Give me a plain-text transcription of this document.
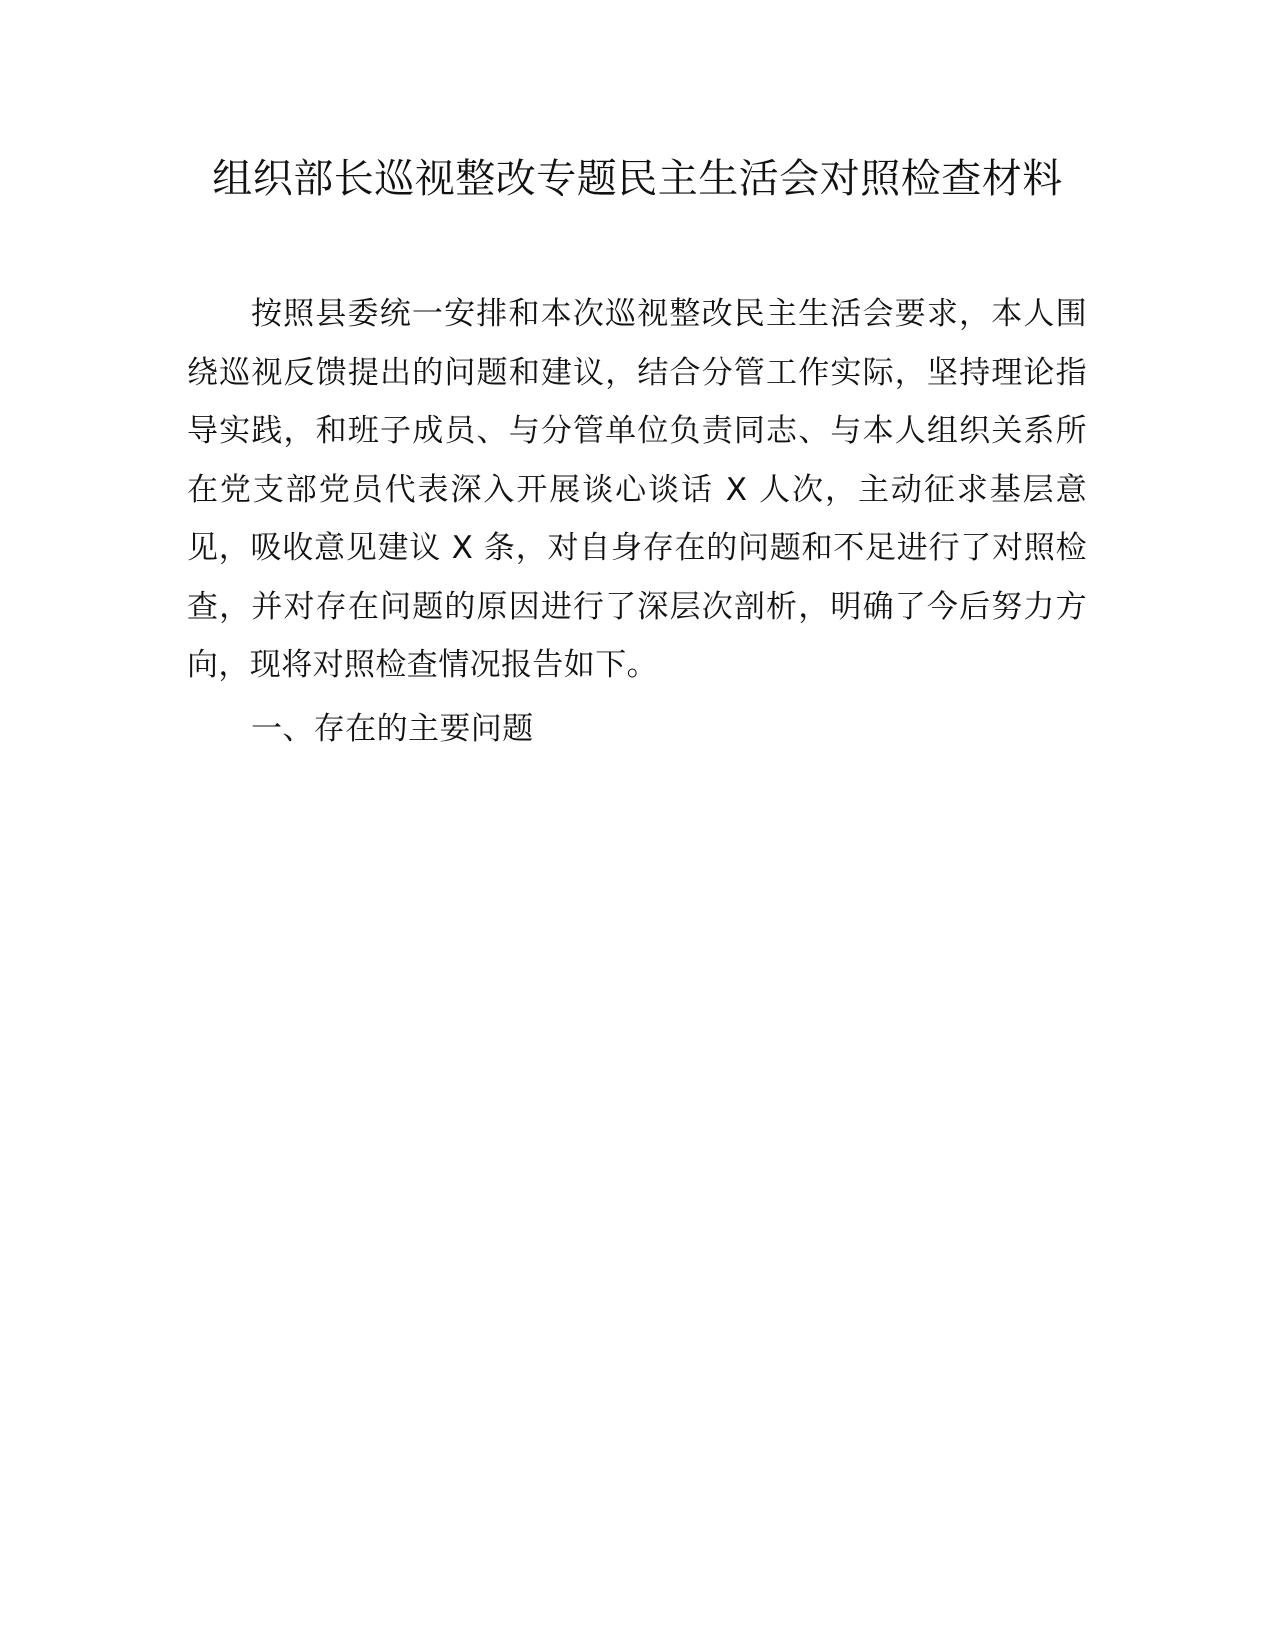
组织部长巡视整改专题民主生活会对照检查材料

按照县委统一安排和本次巡视整改民主生活会要求，本人围绕巡视反馈提出的问题和建议，结合分管工作实际，坚持理论指导实践，和班子成员、与分管单位负责同志、与本人组织关系所在党支部党员代表深入开展谈心谈话 X 人次，主动征求基层意见，吸收意见建议 X 条，对自身存在的问题和不足进行了对照检查，并对存在问题的原因进行了深层次剖析，明确了今后努力方向，现将对照检查情况报告如下。

一、存在的主要问题
